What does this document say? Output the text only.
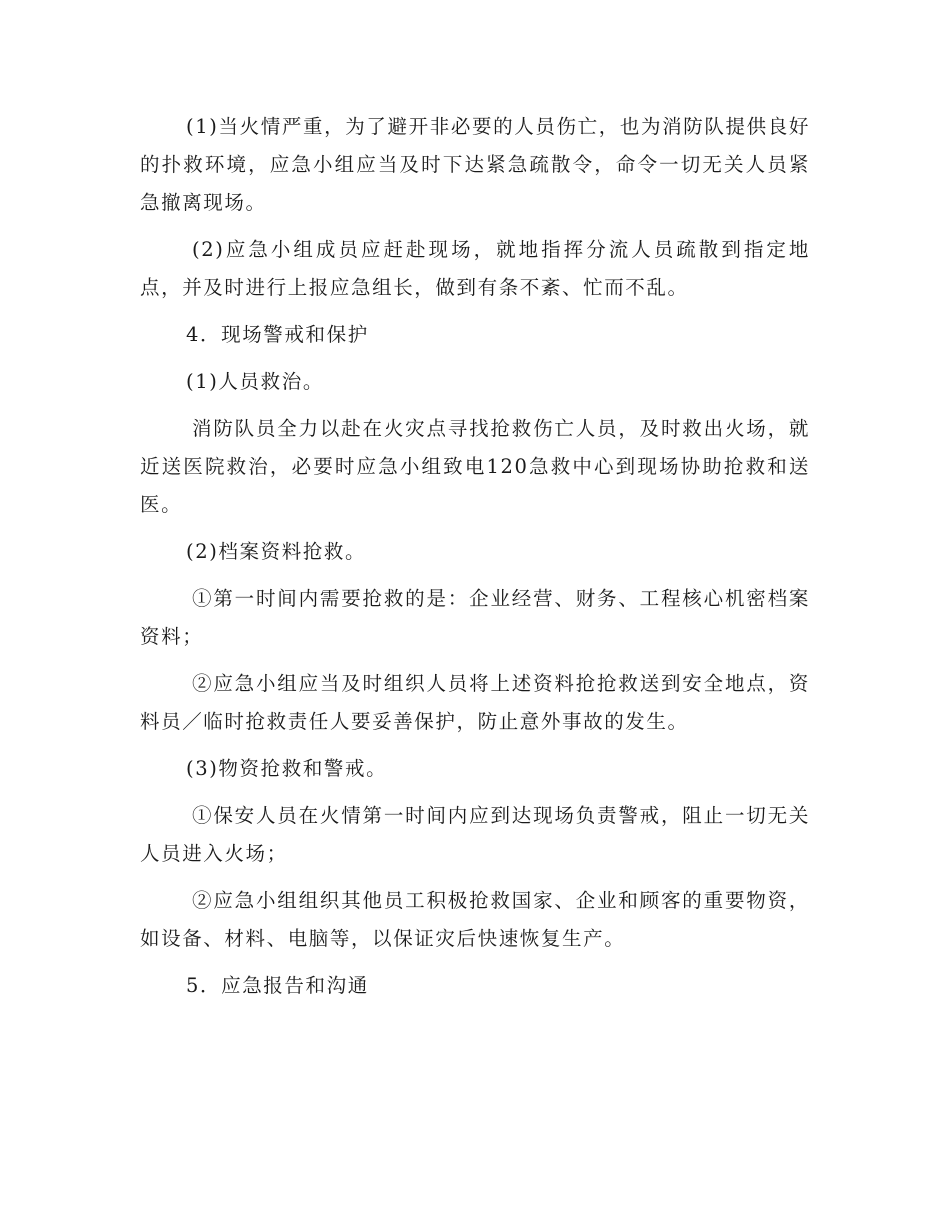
(1)当火情严重，为了避开非必要的人员伤亡，也为消防队提供良好的扑救环境，应急小组应当及时下达紧急疏散令，命令一切无关人员紧急撤离现场。

(2)应急小组成员应赶赴现场，就地指挥分流人员疏散到指定地点，并及时进行上报应急组长，做到有条不紊、忙而不乱。

4．现场警戒和保护

(1)人员救治。

消防队员全力以赴在火灾点寻找抢救伤亡人员，及时救出火场，就近送医院救治，必要时应急小组致电120急救中心到现场协助抢救和送医。

(2)档案资料抢救。

①第一时间内需要抢救的是：企业经营、财务、工程核心机密档案资料；

②应急小组应当及时组织人员将上述资料抢抢救送到安全地点，资料员／临时抢救责任人要妥善保护，防止意外事故的发生。

(3)物资抢救和警戒。

①保安人员在火情第一时间内应到达现场负责警戒，阻止一切无关人员进入火场；

②应急小组组织其他员工积极抢救国家、企业和顾客的重要物资，如设备、材料、电脑等，以保证灾后快速恢复生产。

5．应急报告和沟通
